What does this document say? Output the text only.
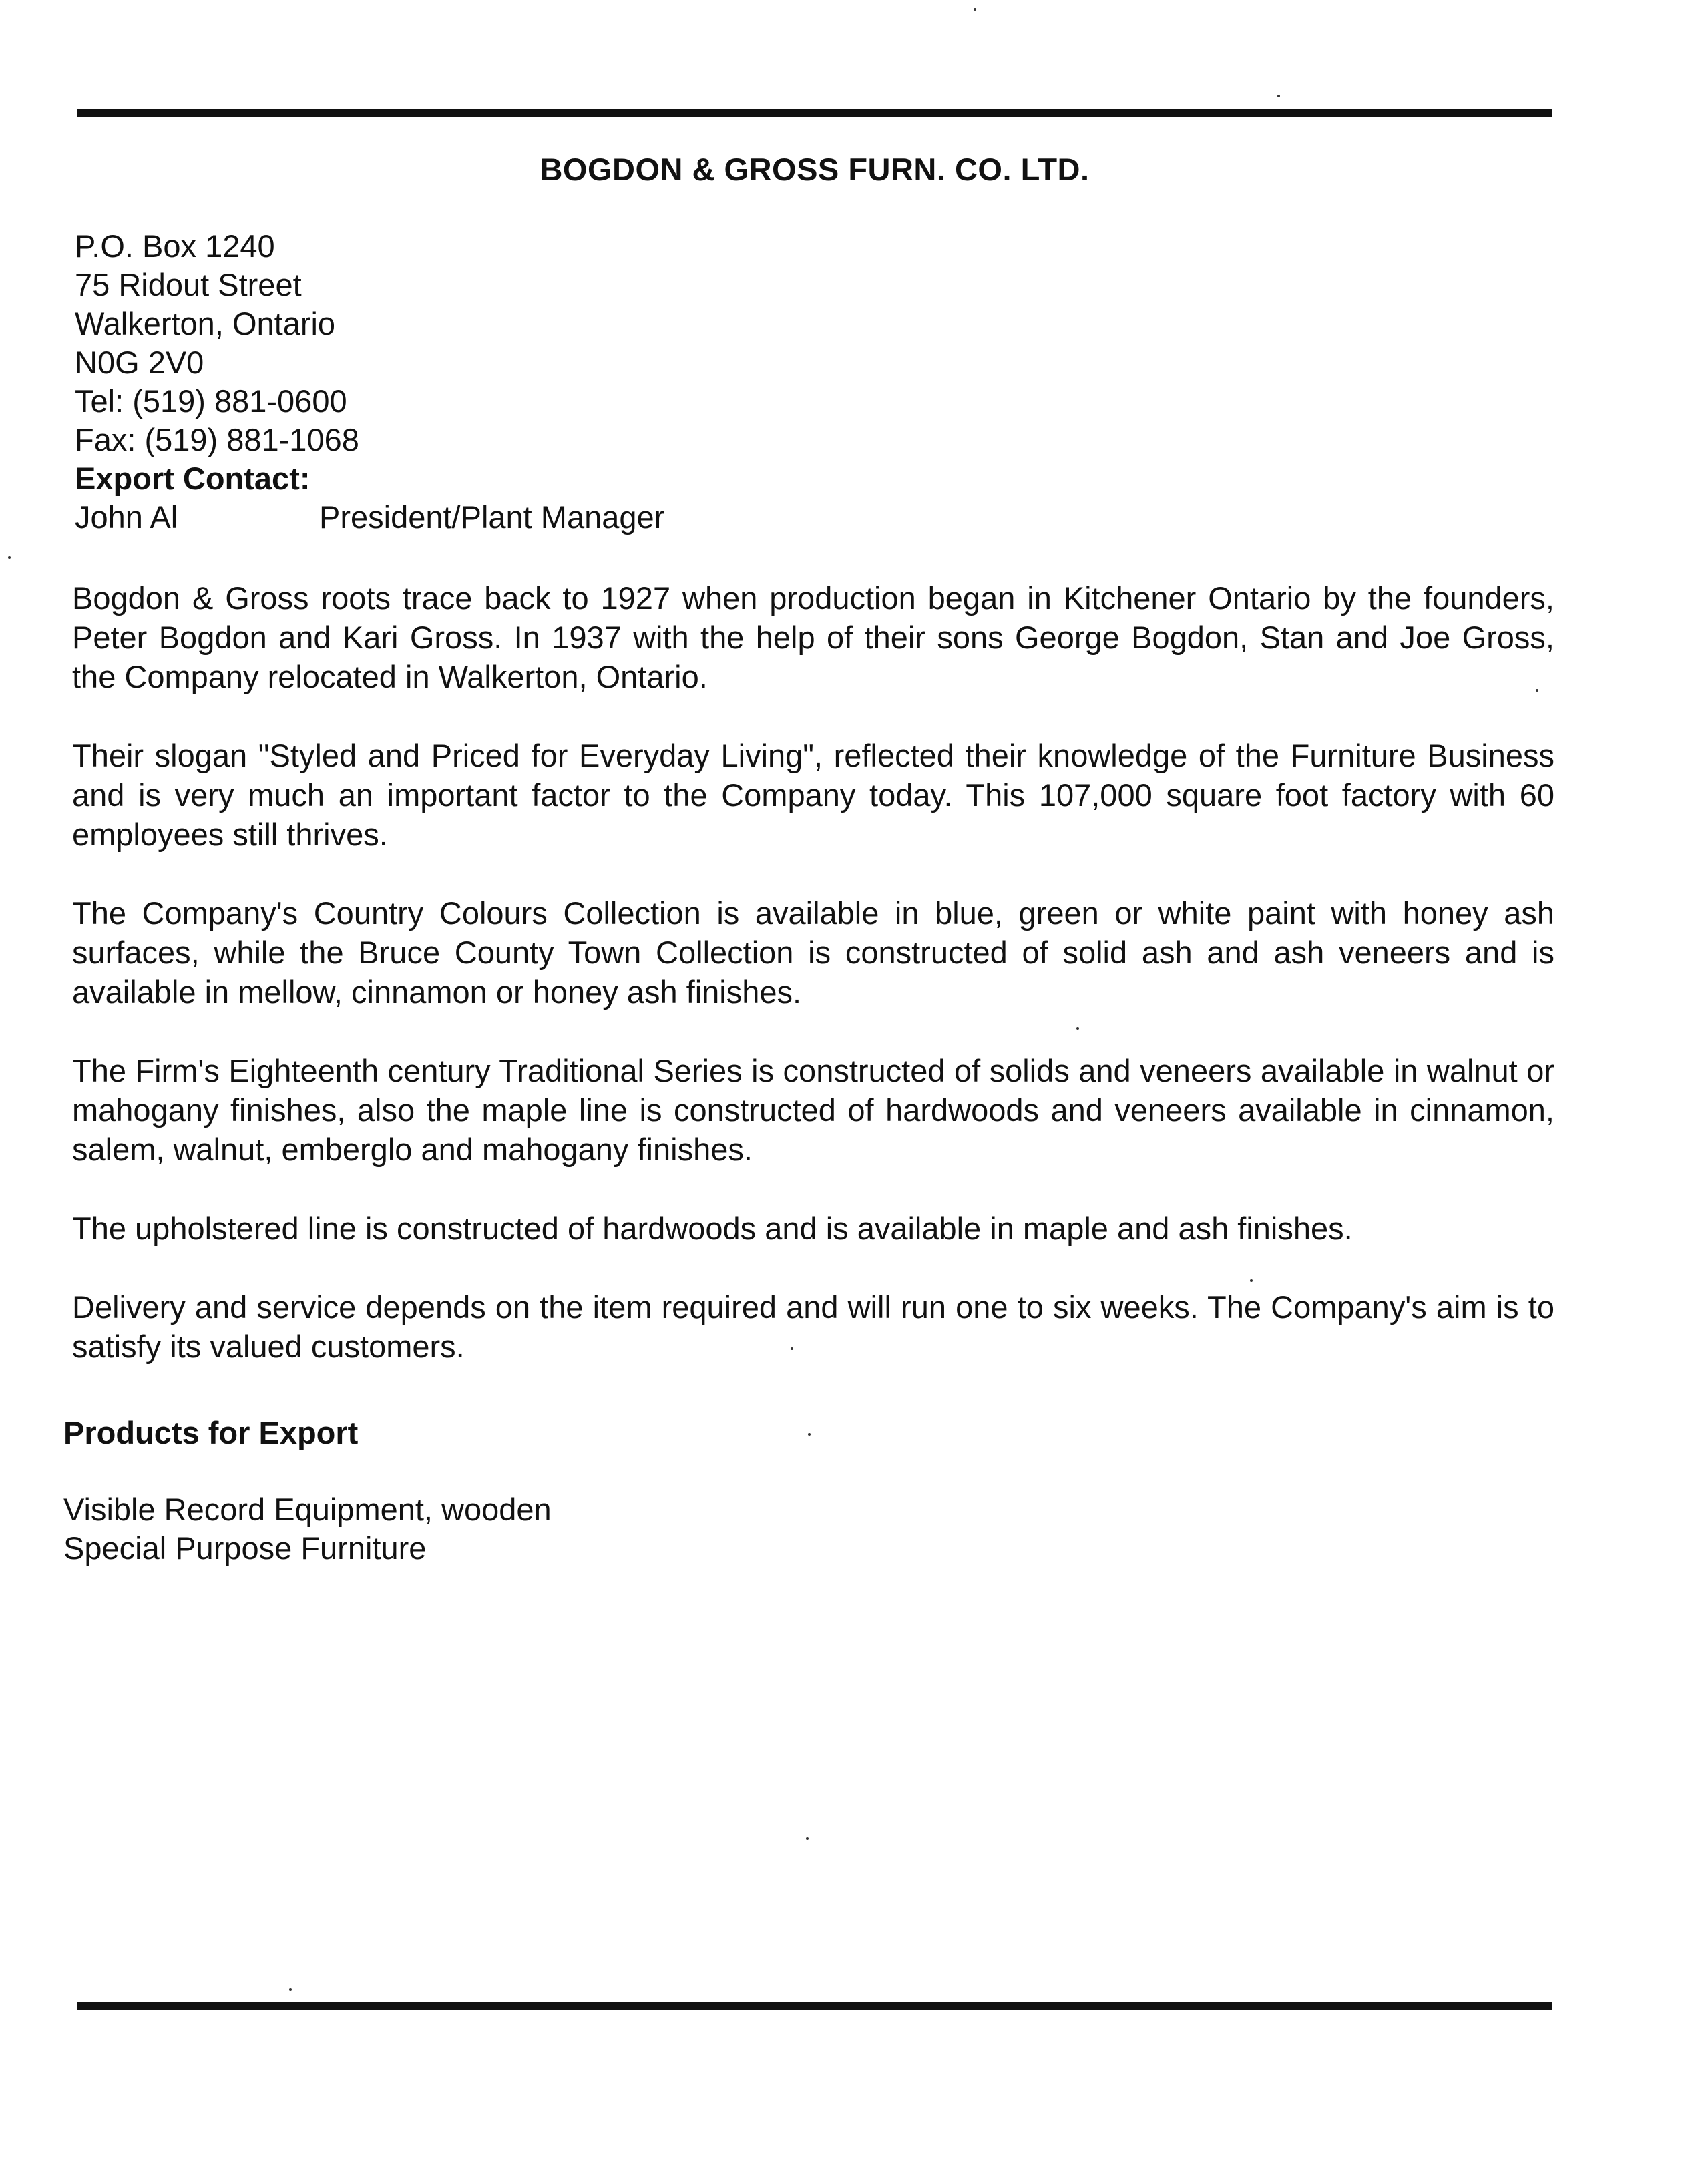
BOGDON & GROSS FURN. CO. LTD.
P.O. Box 1240
75 Ridout Street
Walkerton, Ontario
N0G 2V0
Tel: (519) 881-0600
Fax: (519) 881-1068
Export Contact:
John Al	President/Plant Manager

Bogdon & Gross roots trace back to 1927 when production began in Kitchener Ontario by the founders, Peter Bogdon and Kari Gross. In 1937 with the help of their sons George Bogdon, Stan and Joe Gross, the Company relocated in Walkerton, Ontario.

Their slogan "Styled and Priced for Everyday Living", reflected their knowledge of the Furniture Business and is very much an important factor to the Company today. This 107,000 square foot factory with 60 employees still thrives.

The Company's Country Colours Collection is available in blue, green or white paint with honey ash surfaces, while the Bruce County Town Collection is constructed of solid ash and ash veneers and is available in mellow, cinnamon or honey ash finishes.

The Firm's Eighteenth century Traditional Series is constructed of solids and veneers available in walnut or mahogany finishes, also the maple line is constructed of hardwoods and veneers available in cinnamon, salem, walnut, emberglo and mahogany finishes.

The upholstered line is constructed of hardwoods and is available in maple and ash finishes.

Delivery and service depends on the item required and will run one to six weeks. The Company's aim is to satisfy its valued customers.

Products for Export
Visible Record Equipment, wooden
Special Purpose Furniture
